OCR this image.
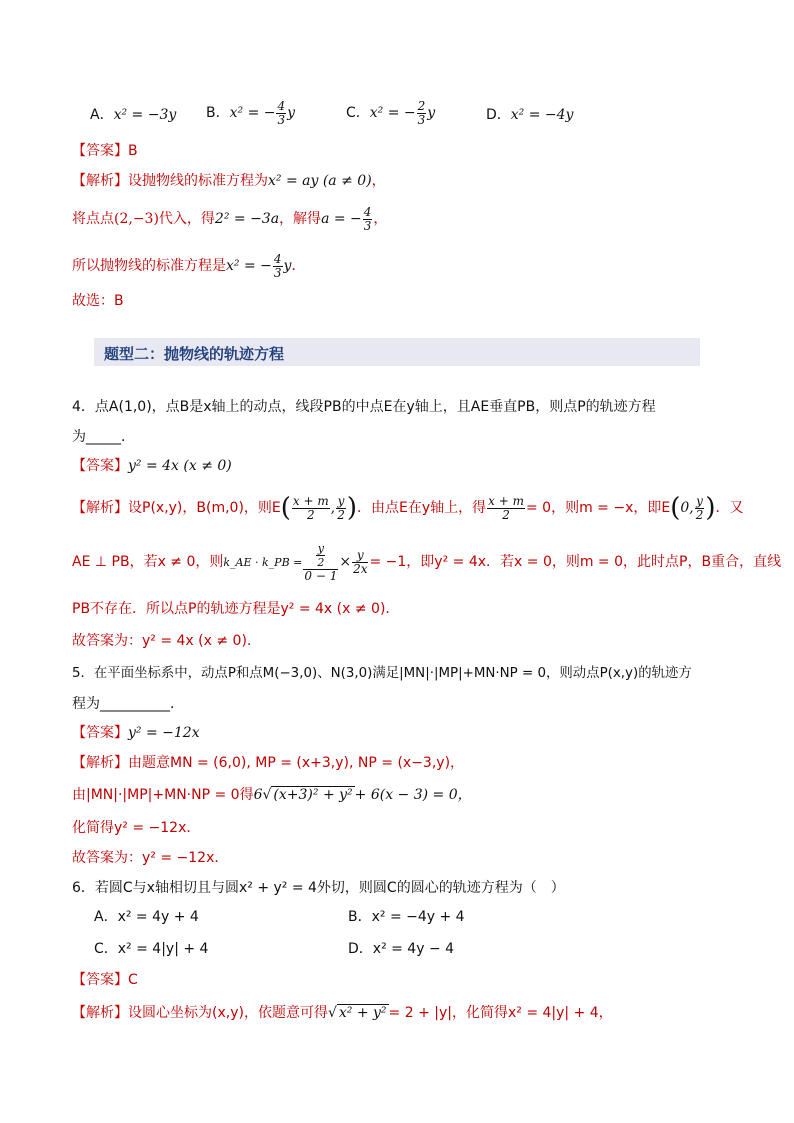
A．x² = −3y B．x² = − $\frac{4}{3}$ y	C．x² = − $\frac{2}{3}$ y	D．x² = −4y
【答案】B
【解析】设抛物线的标准方程为x² = ay (a ≠ 0)，
将点点(2,−3)代入，得2² = −3a，解得a = − $\frac{4}{3}$ ，
所以抛物线的标准方程是x² = − $\frac{4}{3}$ y．
故选：B
题型二：抛物线的轨迹方程
4．点A(1,0)，点B是x轴上的动点，线段PB的中点E在y轴上，且AE垂直PB，则点P的轨迹方程
为_____．
【答案】y² = 4x (x ≠ 0)
【解析】设P(x,y)，B(m,0)，则$E( \frac{x + m}{2}$ , $\frac{y}{2}$ )．由点E在y轴上，得 $\frac{x + m}{2} = 0$，则m = −x，即E(0, $\frac{y}{2}$ )．又
AE ⊥ PB，若x ≠ 0，则k_AE · k_PB = $\frac{\frac{y}{2}}{0 - 1} \times \frac{y}{2x} = -1$，即y² = 4x．若x = 0，则m = 0，此时点P，B重合，直线
PB不存在．所以点P的轨迹方程是y² = 4x (x ≠ 0)．
故答案为：y² = 4x (x ≠ 0).
5．在平面坐标系中，动点P和点M(−3,0)、N(3,0)满足|MN|·|MP|+MN·NP = 0，则动点P(x,y)的轨迹方
程为__________．
【答案】y² = −12x
【解析】由题意MN = (6,0), MP = (x+3,y), NP = (x−3,y)，
由|MN|·|MP|+MN·NP = 0得6√ (x+3)² + y² + 6(x − 3) = 0，
化简得y² = −12x．
故答案为：y² = −12x．
6．若圆C与x轴相切且与圆x² + y² = 4外切，则圆C的圆心的轨迹方程为（　）
A．x² = 4y + 4	B．x² = −4y + 4
C．x² = 4|y| + 4	D．x² = 4y − 4
【答案】C
【解析】设圆心坐标为(x,y)，依题意可得√ x² + y² = 2 + |y|，化简得x² = 4|y| + 4，
